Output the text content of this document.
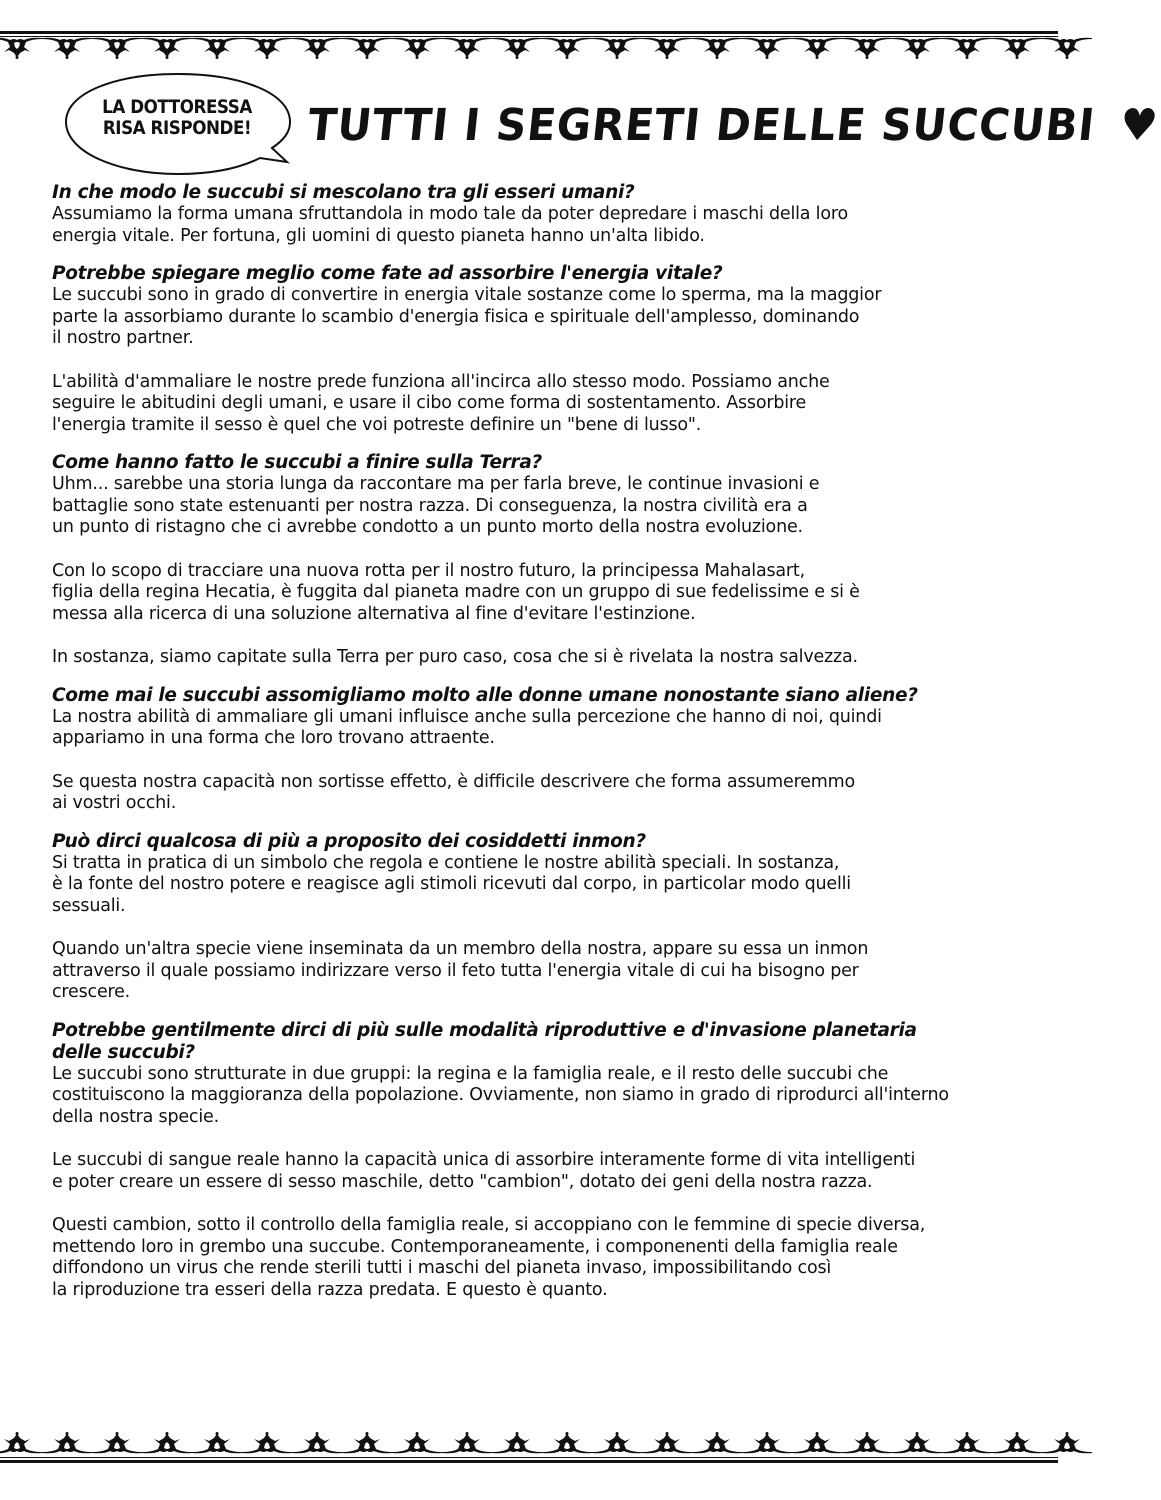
LA DOTTORESSA
RISA RISPONDE! TUTTI I SEGRETI DELLE SUCCUBI ♥
In che modo le succubi si mescolano tra gli esseri umani?

Assumiamo la forma umana sfruttandola in modo tale da poter depredare i maschi della loro
energia vitale. Per fortuna, gli uomini di questo pianeta hanno un'alta libido.

Potrebbe spiegare meglio come fate ad assorbire l'energia vitale?

Le succubi sono in grado di convertire in energia vitale sostanze come lo sperma, ma la maggior
parte la assorbiamo durante lo scambio d'energia fisica e spirituale dell'amplesso, dominando
il nostro partner.

L'abilità d'ammaliare le nostre prede funziona all'incirca allo stesso modo. Possiamo anche
seguire le abitudini degli umani, e usare il cibo come forma di sostentamento. Assorbire
l'energia tramite il sesso è quel che voi potreste definire un "bene di lusso".

Come hanno fatto le succubi a finire sulla Terra?

Uhm... sarebbe una storia lunga da raccontare ma per farla breve, le continue invasioni e
battaglie sono state estenuanti per nostra razza. Di conseguenza, la nostra civilità era a
un punto di ristagno che ci avrebbe condotto a un punto morto della nostra evoluzione.

Con lo scopo di tracciare una nuova rotta per il nostro futuro, la principessa Mahalasart,
figlia della regina Hecatia, è fuggita dal pianeta madre con un gruppo di sue fedelissime e si è
messa alla ricerca di una soluzione alternativa al fine d'evitare l'estinzione.

In sostanza, siamo capitate sulla Terra per puro caso, cosa che si è rivelata la nostra salvezza.

Come mai le succubi assomigliamo molto alle donne umane nonostante siano aliene?

La nostra abilità di ammaliare gli umani influisce anche sulla percezione che hanno di noi, quindi
appariamo in una forma che loro trovano attraente.

Se questa nostra capacità non sortisse effetto, è difficile descrivere che forma assumeremmo
ai vostri occhi.

Può dirci qualcosa di più a proposito dei cosiddetti inmon?

Si tratta in pratica di un simbolo che regola e contiene le nostre abilità speciali. In sostanza,
è la fonte del nostro potere e reagisce agli stimoli ricevuti dal corpo, in particolar modo quelli
sessuali.

Quando un'altra specie viene inseminata da un membro della nostra, appare su essa un inmon
attraverso il quale possiamo indirizzare verso il feto tutta l'energia vitale di cui ha bisogno per
crescere.

Potrebbe gentilmente dirci di più sulle modalità riproduttive e d'invasione planetaria
delle succubi?

Le succubi sono strutturate in due gruppi: la regina e la famiglia reale, e il resto delle succubi che
costituiscono la maggioranza della popolazione. Ovviamente, non siamo in grado di riprodurci all'interno
della nostra specie.

Le succubi di sangue reale hanno la capacità unica di assorbire interamente forme di vita intelligenti
e poter creare un essere di sesso maschile, detto "cambion", dotato dei geni della nostra razza.

Questi cambion, sotto il controllo della famiglia reale, si accoppiano con le femmine di specie diversa,
mettendo loro in grembo una succube. Contemporaneamente, i componenenti della famiglia reale
diffondono un virus che rende sterili tutti i maschi del pianeta invaso, impossibilitando così
la riproduzione tra esseri della razza predata. E questo è quanto.
